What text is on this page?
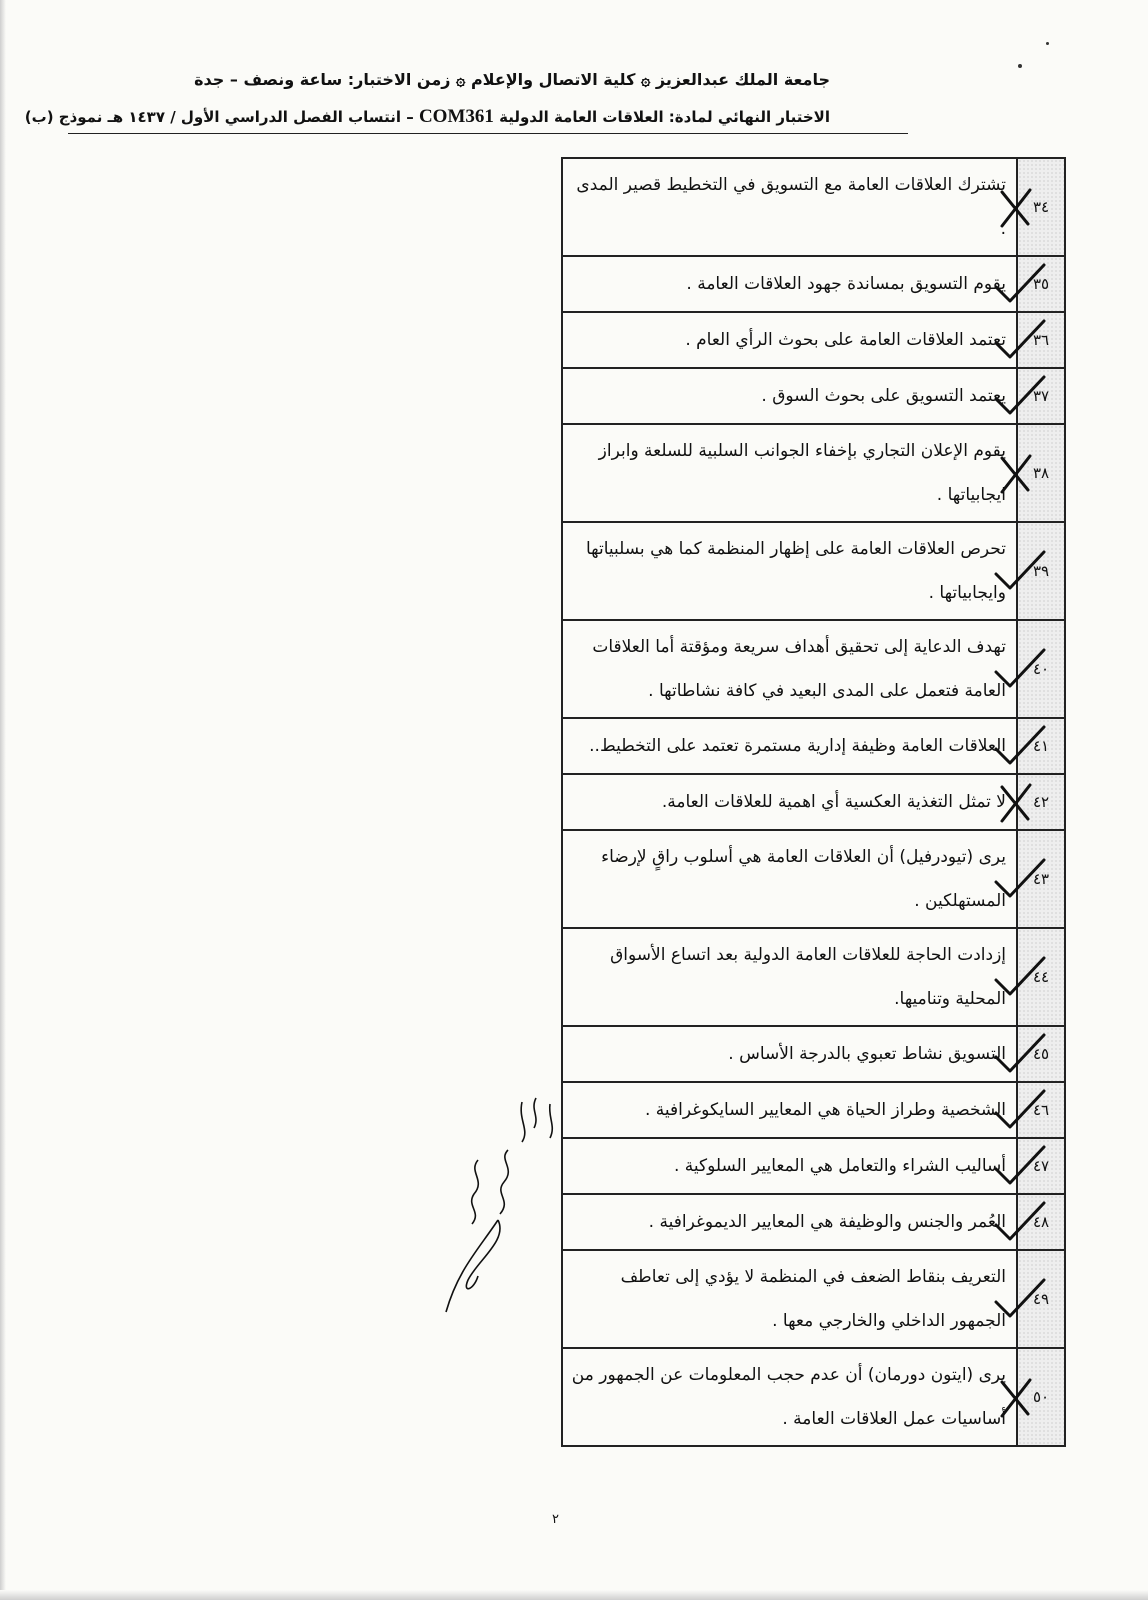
جامعة الملك عبدالعزيز ۞ كلية الاتصال والإعلام ۞ زمن الاختبار: ساعة ونصف – جدة
الاختبار النهائي لمادة: العلاقات العامة الدولية COM361 – انتساب الفصل الدراسي الأول / ١٤٣٧ هـ نموذج (ب)
٣٤	تشترك العلاقات العامة مع التسويق في التخطيط قصير المدى .
٣٥	يقوم التسويق بمساندة جهود العلاقات العامة .
٣٦	تعتمد العلاقات العامة على بحوث الرأي العام .
٣٧	يعتمد التسويق على بحوث السوق .
٣٨	يقوم الإعلان التجاري بإخفاء الجوانب السلبية للسلعة وابراز ايجابياتها .
٣٩	تحرص العلاقات العامة على إظهار المنظمة كما هي بسلبياتها وايجابياتها .
٤٠	تهدف الدعاية إلى تحقيق أهداف سريعة ومؤقتة أما العلاقات العامة فتعمل على المدى البعيد في كافة نشاطاتها .
٤١	العلاقات العامة وظيفة إدارية مستمرة تعتمد على التخطيط..
٤٢	لا تمثل التغذية العكسية أي اهمية للعلاقات العامة.
٤٣	يرى (تيودرفيل) أن العلاقات العامة هي أسلوب راقٍ لإرضاء المستهلكين .
٤٤	إزدادت الحاجة للعلاقات العامة الدولية بعد اتساع الأسواق المحلية وتناميها.
٤٥	التسويق نشاط تعبوي بالدرجة الأساس .
٤٦	الشخصية وطراز الحياة هي المعايير السايكوغرافية .
٤٧	أساليب الشراء والتعامل هي المعايير السلوكية .
٤٨	العُمر والجنس والوظيفة هي المعايير الديموغرافية .
٤٩	التعريف بنقاط الضعف في المنظمة لا يؤدي إلى تعاطف الجمهور الداخلي والخارجي معها .
٥٠	يرى (ايتون دورمان) أن عدم حجب المعلومات عن الجمهور من أساسيات عمل العلاقات العامة .
٢
